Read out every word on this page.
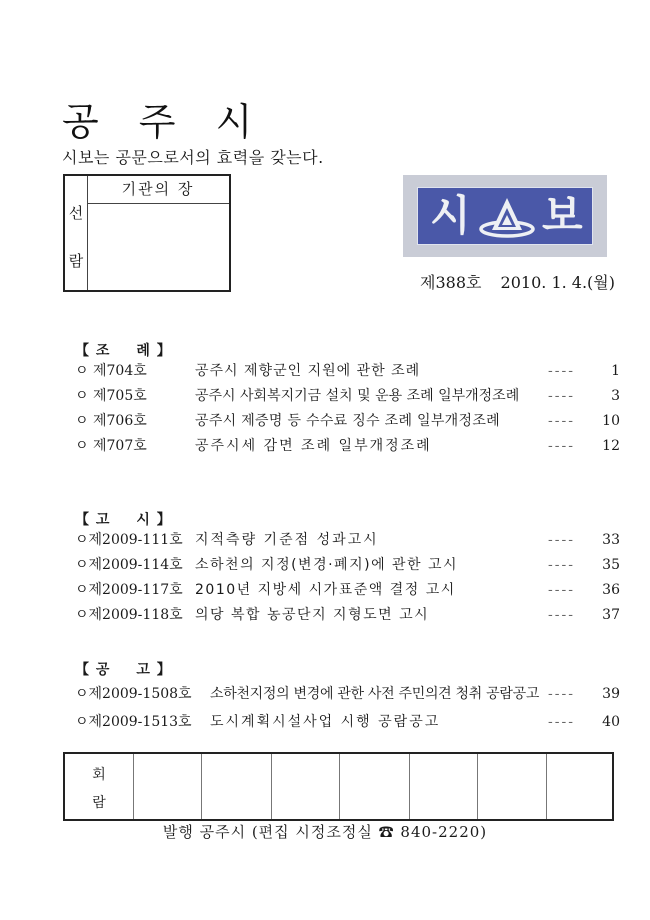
공 주 시
시보는 공문으로서의 효력을 갖는다.
선
람
기관의 장
시 보
제388호 2010. 1. 4.(월)
【 조 례 】
ㅇ 제704호	공주시 제향군인 지원에 관한 조례	----	1
ㅇ 제705호	공주시 사회복지기금 설치 및 운용 조례 일부개정조례 ----	3
ㅇ 제706호	공주시 제증명 등 수수료 징수 조례 일부개정조례	---- 10
ㅇ 제707호	공주시세 감면 조례 일부개정조례	---- 12
【 고 시 】
ㅇ제2009-111호 지적측량 기준점 성과고시	---- 33
ㅇ제2009-114호 소하천의 지정(변경·폐지)에 관한 고시	---- 35
ㅇ제2009-117호 2010년 지방세 시가표준액 결정 고시	---- 36
ㅇ제2009-118호 의당 복합 농공단지 지형도면 고시	---- 37
【 공 고 】
ㅇ제2009-1508호 소하천지정의 변경에 관한 사전 주민의견 청취 공람공고 ---- 39
ㅇ제2009-1513호 도시계획시설사업 시행 공람공고	---- 40
회
람
발행 공주시 (편집 시정조정실 ☎ 840-2220)
